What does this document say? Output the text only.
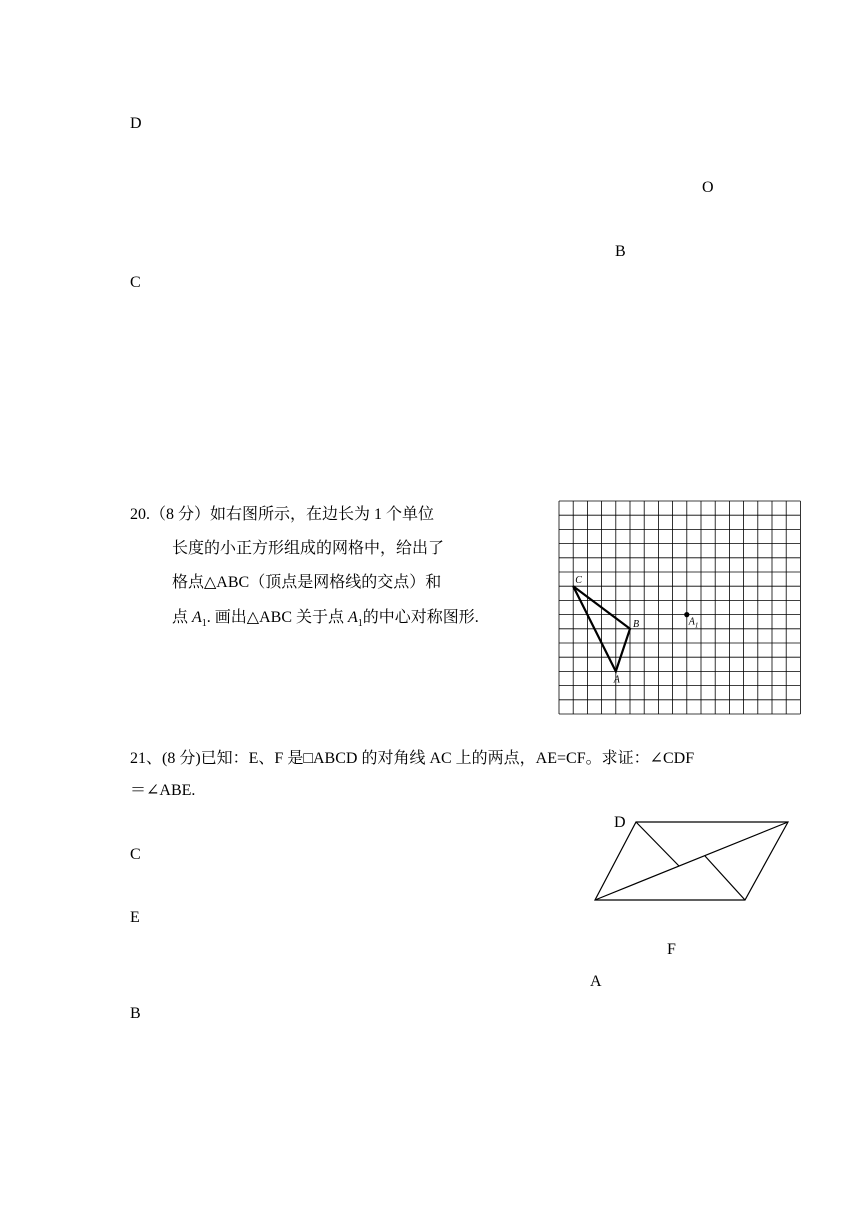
D
O
B
C
20.（8 分）如右图所示，在边长为 1 个单位
长度的小正方形组成的网格中，给出了
格点△ABC（顶点是网格线的交点）和
点 $A_1$. 画出△ABC 关于点 $A_1$的中心对称图形.
C
B
A
$A_1$
21、(8 分)已知：E、F 是□ABCD 的对角线 AC 上的两点，AE=CF。求证：∠CDF
＝∠ABE.
C
E
B
D
F
A
